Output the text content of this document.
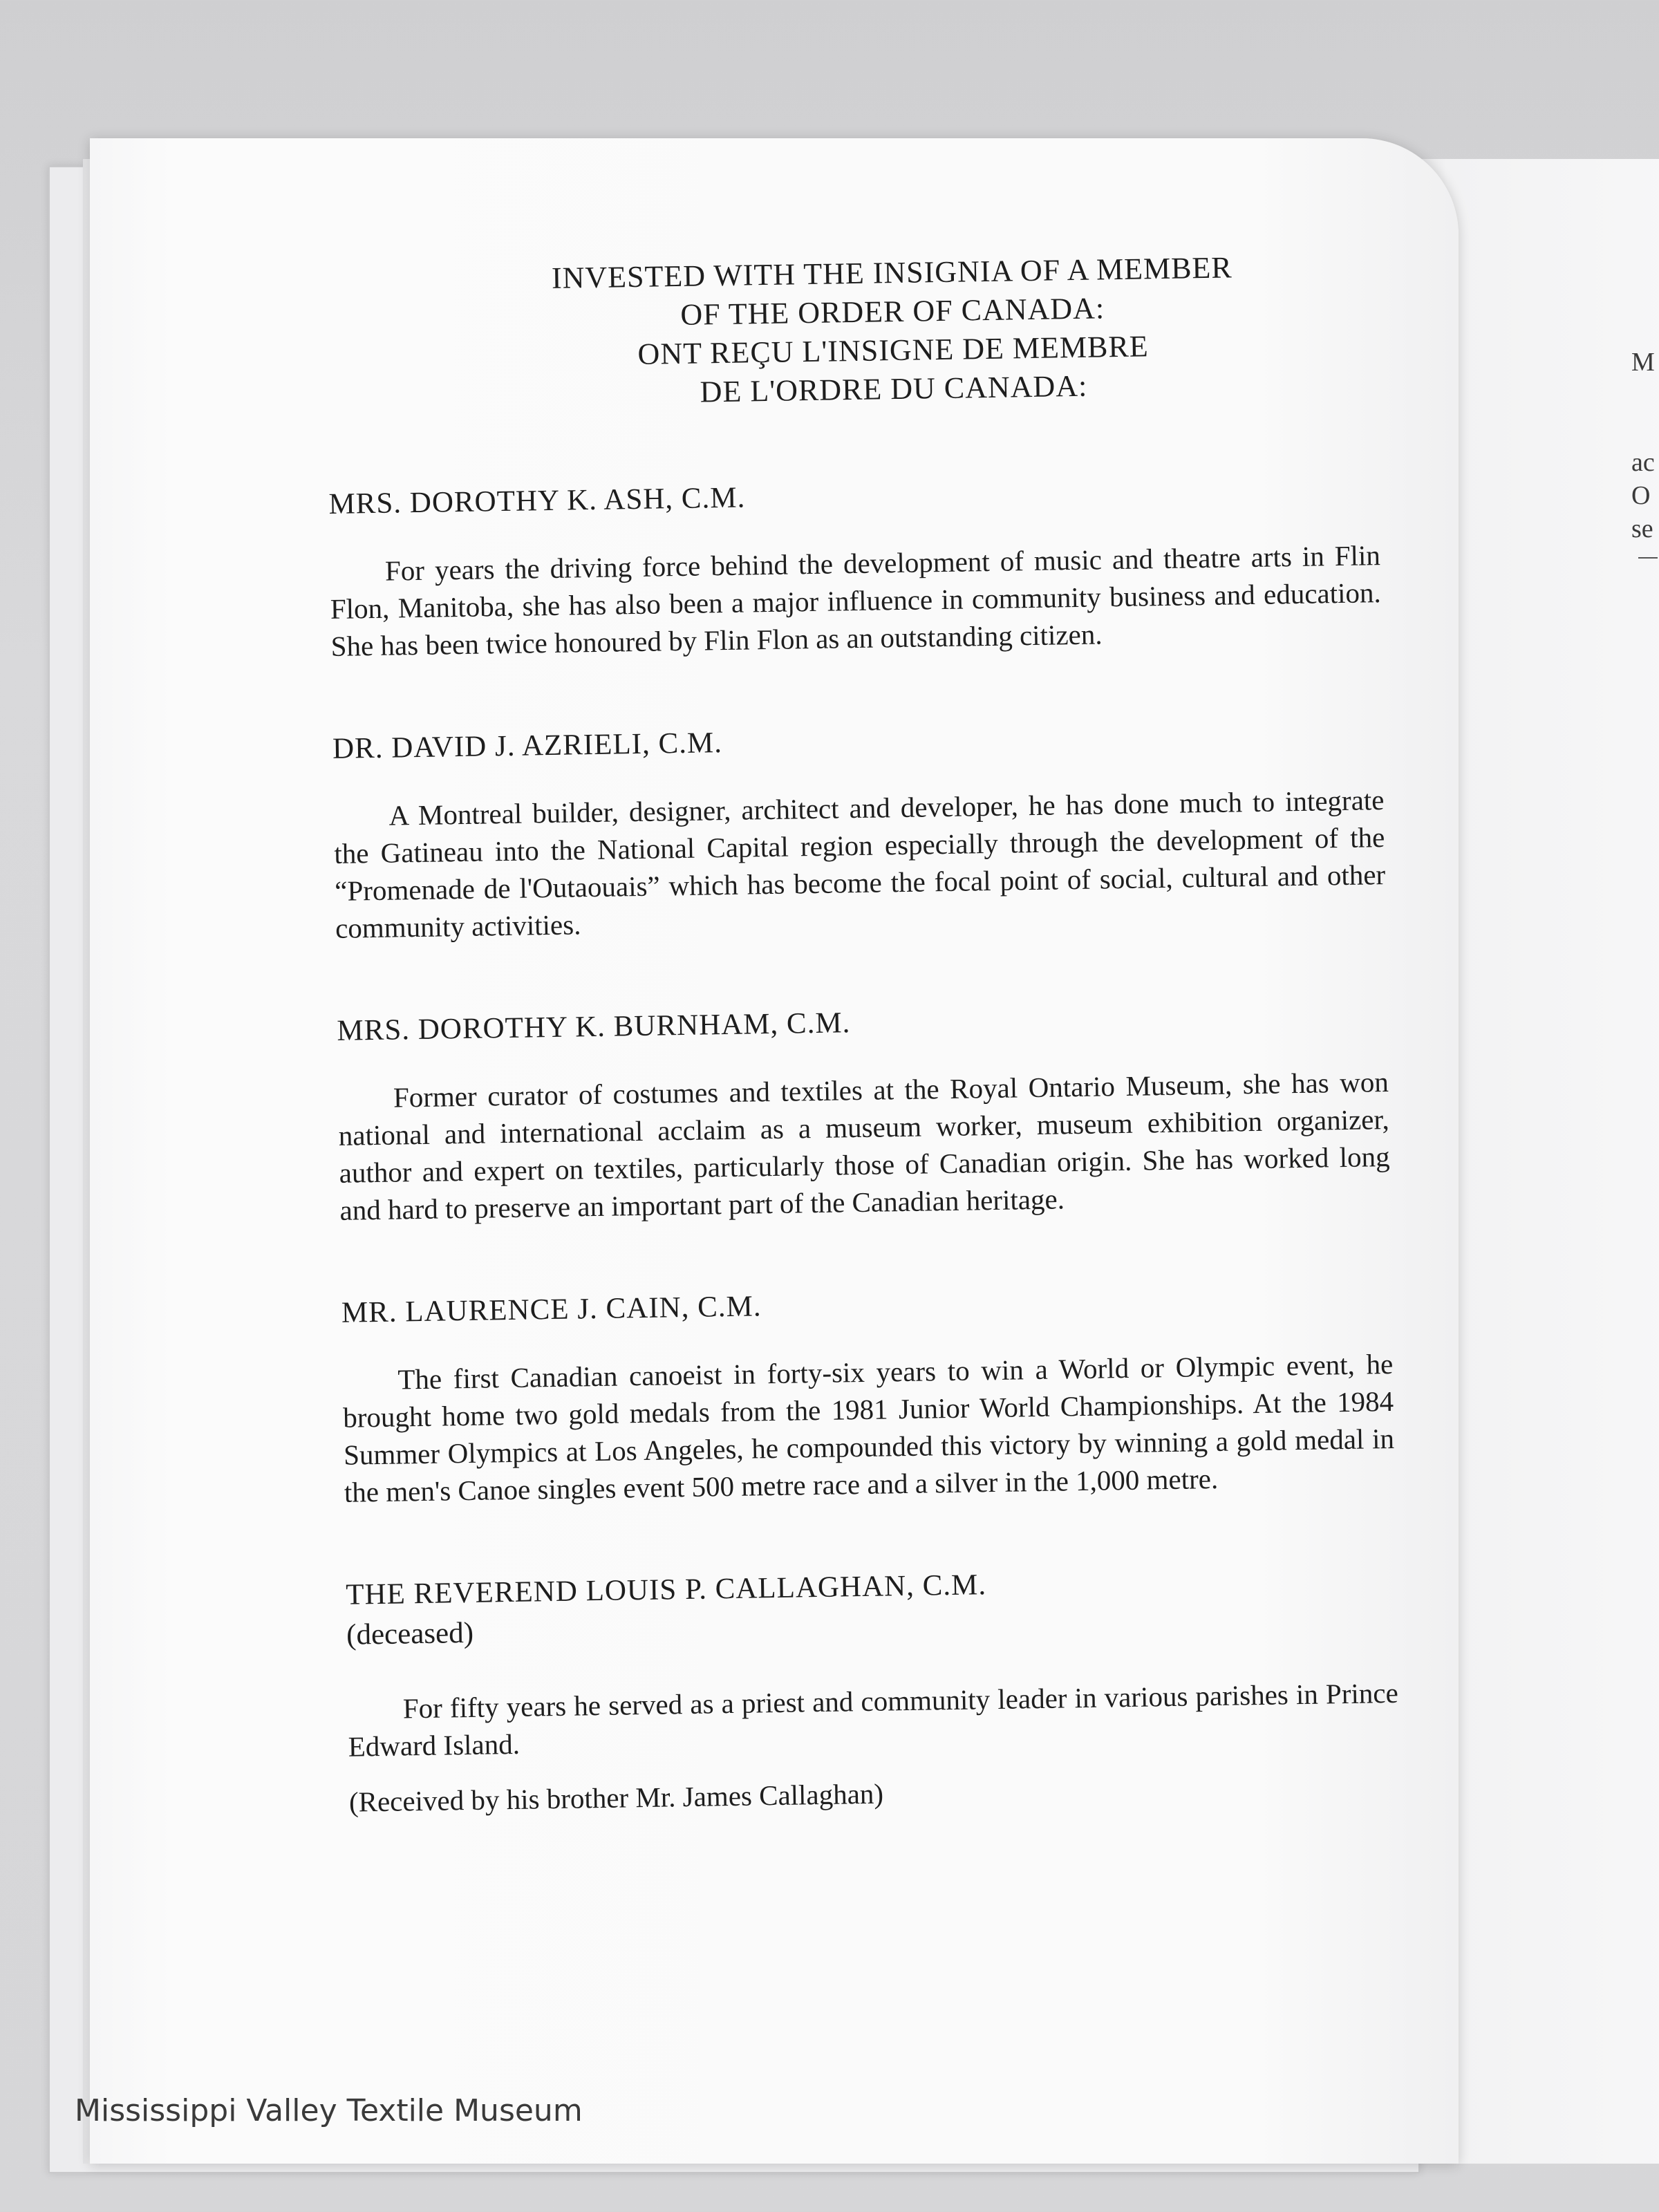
M
ac
O
se
INVESTED WITH THE INSIGNIA OF A MEMBER
OF THE ORDER OF CANADA:
ONT REÇU L'INSIGNE DE MEMBRE
DE L'ORDRE DU CANADA:

MRS. DOROTHY K. ASH, C.M.

For years the driving force behind the development of music and theatre arts in Flin Flon, Manitoba, she has also been a major influence in community business and education. She has been twice honoured by Flin Flon as an outstanding citizen.

DR. DAVID J. AZRIELI, C.M.

A Montreal builder, designer, architect and developer, he has done much to integrate the Gatineau into the National Capital region especially through the development of the “Promenade de l'Outaouais” which has become the focal point of social, cultural and other community activities.

MRS. DOROTHY K. BURNHAM, C.M.

Former curator of costumes and textiles at the Royal Ontario Museum, she has won national and international acclaim as a museum worker, museum exhibition organizer, author and expert on textiles, particularly those of Canadian origin. She has worked long and hard to preserve an important part of the Canadian heritage.

MR. LAURENCE J. CAIN, C.M.

The first Canadian canoeist in forty-six years to win a World or Olympic event, he brought home two gold medals from the 1981 Junior World Championships. At the 1984 Summer Olympics at Los Angeles, he compounded this victory by winning a gold medal in the men's Canoe singles event 500 metre race and a silver in the 1,000 metre.

THE REVEREND LOUIS P. CALLAGHAN, C.M.

(deceased)

For fifty years he served as a priest and community leader in various parishes in Prince Edward Island.

(Received by his brother Mr. James Callaghan)

Mississippi Valley Textile Museum
